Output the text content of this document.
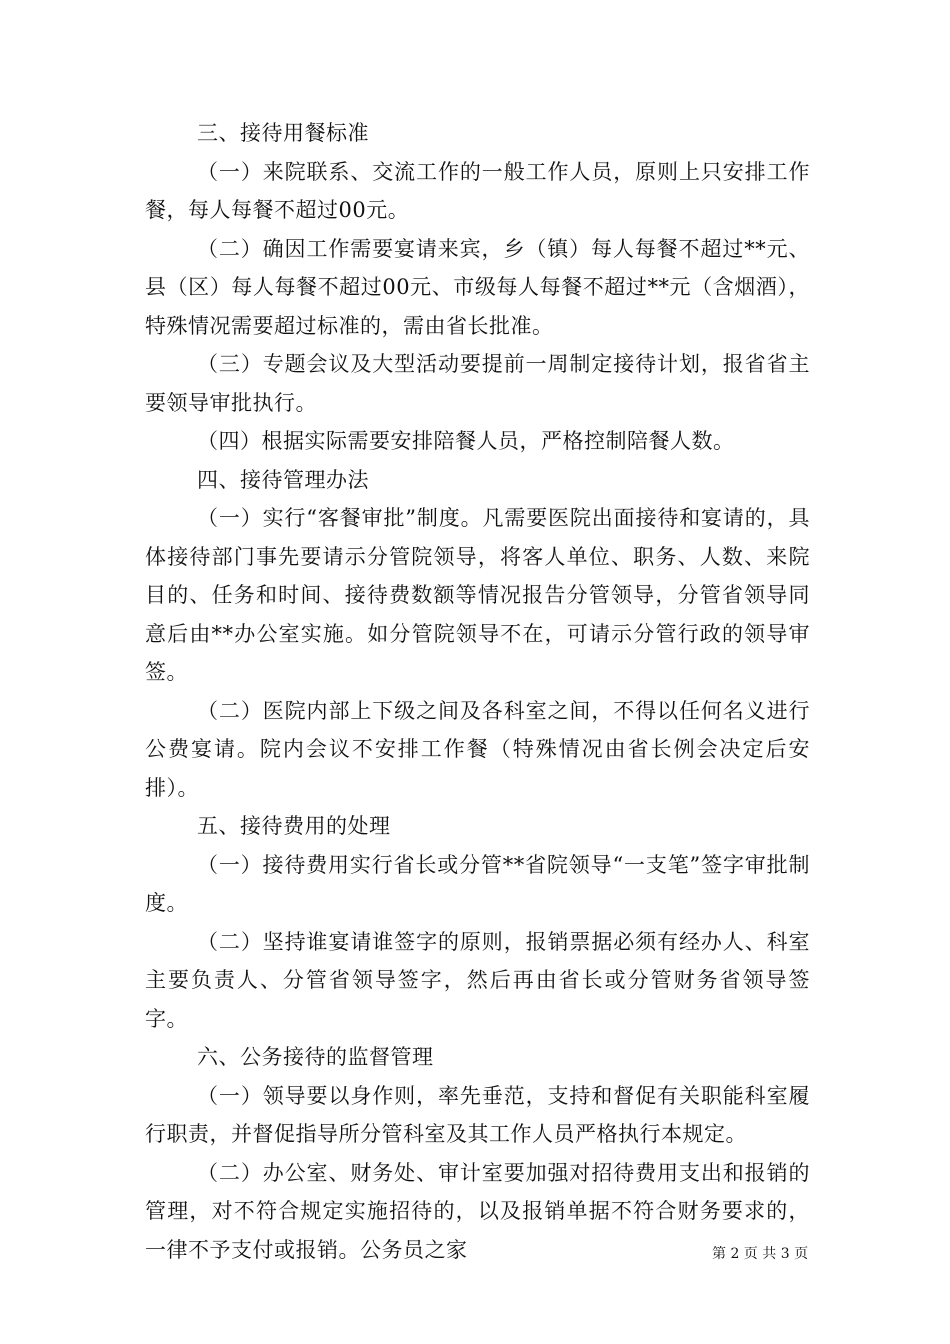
三、接待用餐标准

（一）来院联系、交流工作的一般工作人员，原则上只安排工作餐，每人每餐不超过00元。

（二）确因工作需要宴请来宾，乡（镇）每人每餐不超过**元、县（区）每人每餐不超过00元、市级每人每餐不超过**元（含烟酒），特殊情况需要超过标准的，需由省长批准。

（三）专题会议及大型活动要提前一周制定接待计划，报省省主要领导审批执行。

（四）根据实际需要安排陪餐人员，严格控制陪餐人数。

四、接待管理办法

（一）实行“客餐审批”制度。凡需要医院出面接待和宴请的，具体接待部门事先要请示分管院领导，将客人单位、职务、人数、来院目的、任务和时间、接待费数额等情况报告分管领导，分管省领导同意后由**办公室实施。如分管院领导不在，可请示分管行政的领导审签。

（二）医院内部上下级之间及各科室之间，不得以任何名义进行公费宴请。院内会议不安排工作餐（特殊情况由省长例会决定后安排）。

五、接待费用的处理

（一）接待费用实行省长或分管**省院领导“一支笔”签字审批制度。

（二）坚持谁宴请谁签字的原则，报销票据必须有经办人、科室主要负责人、分管省领导签字，然后再由省长或分管财务省领导签字。

六、公务接待的监督管理

（一）领导要以身作则，率先垂范，支持和督促有关职能科室履行职责，并督促指导所分管科室及其工作人员严格执行本规定。

（二）办公室、财务处、审计室要加强对招待费用支出和报销的管理，对不符合规定实施招待的，以及报销单据不符合财务要求的，一律不予支付或报销。公务员之家	第 2 页 共 3 页
